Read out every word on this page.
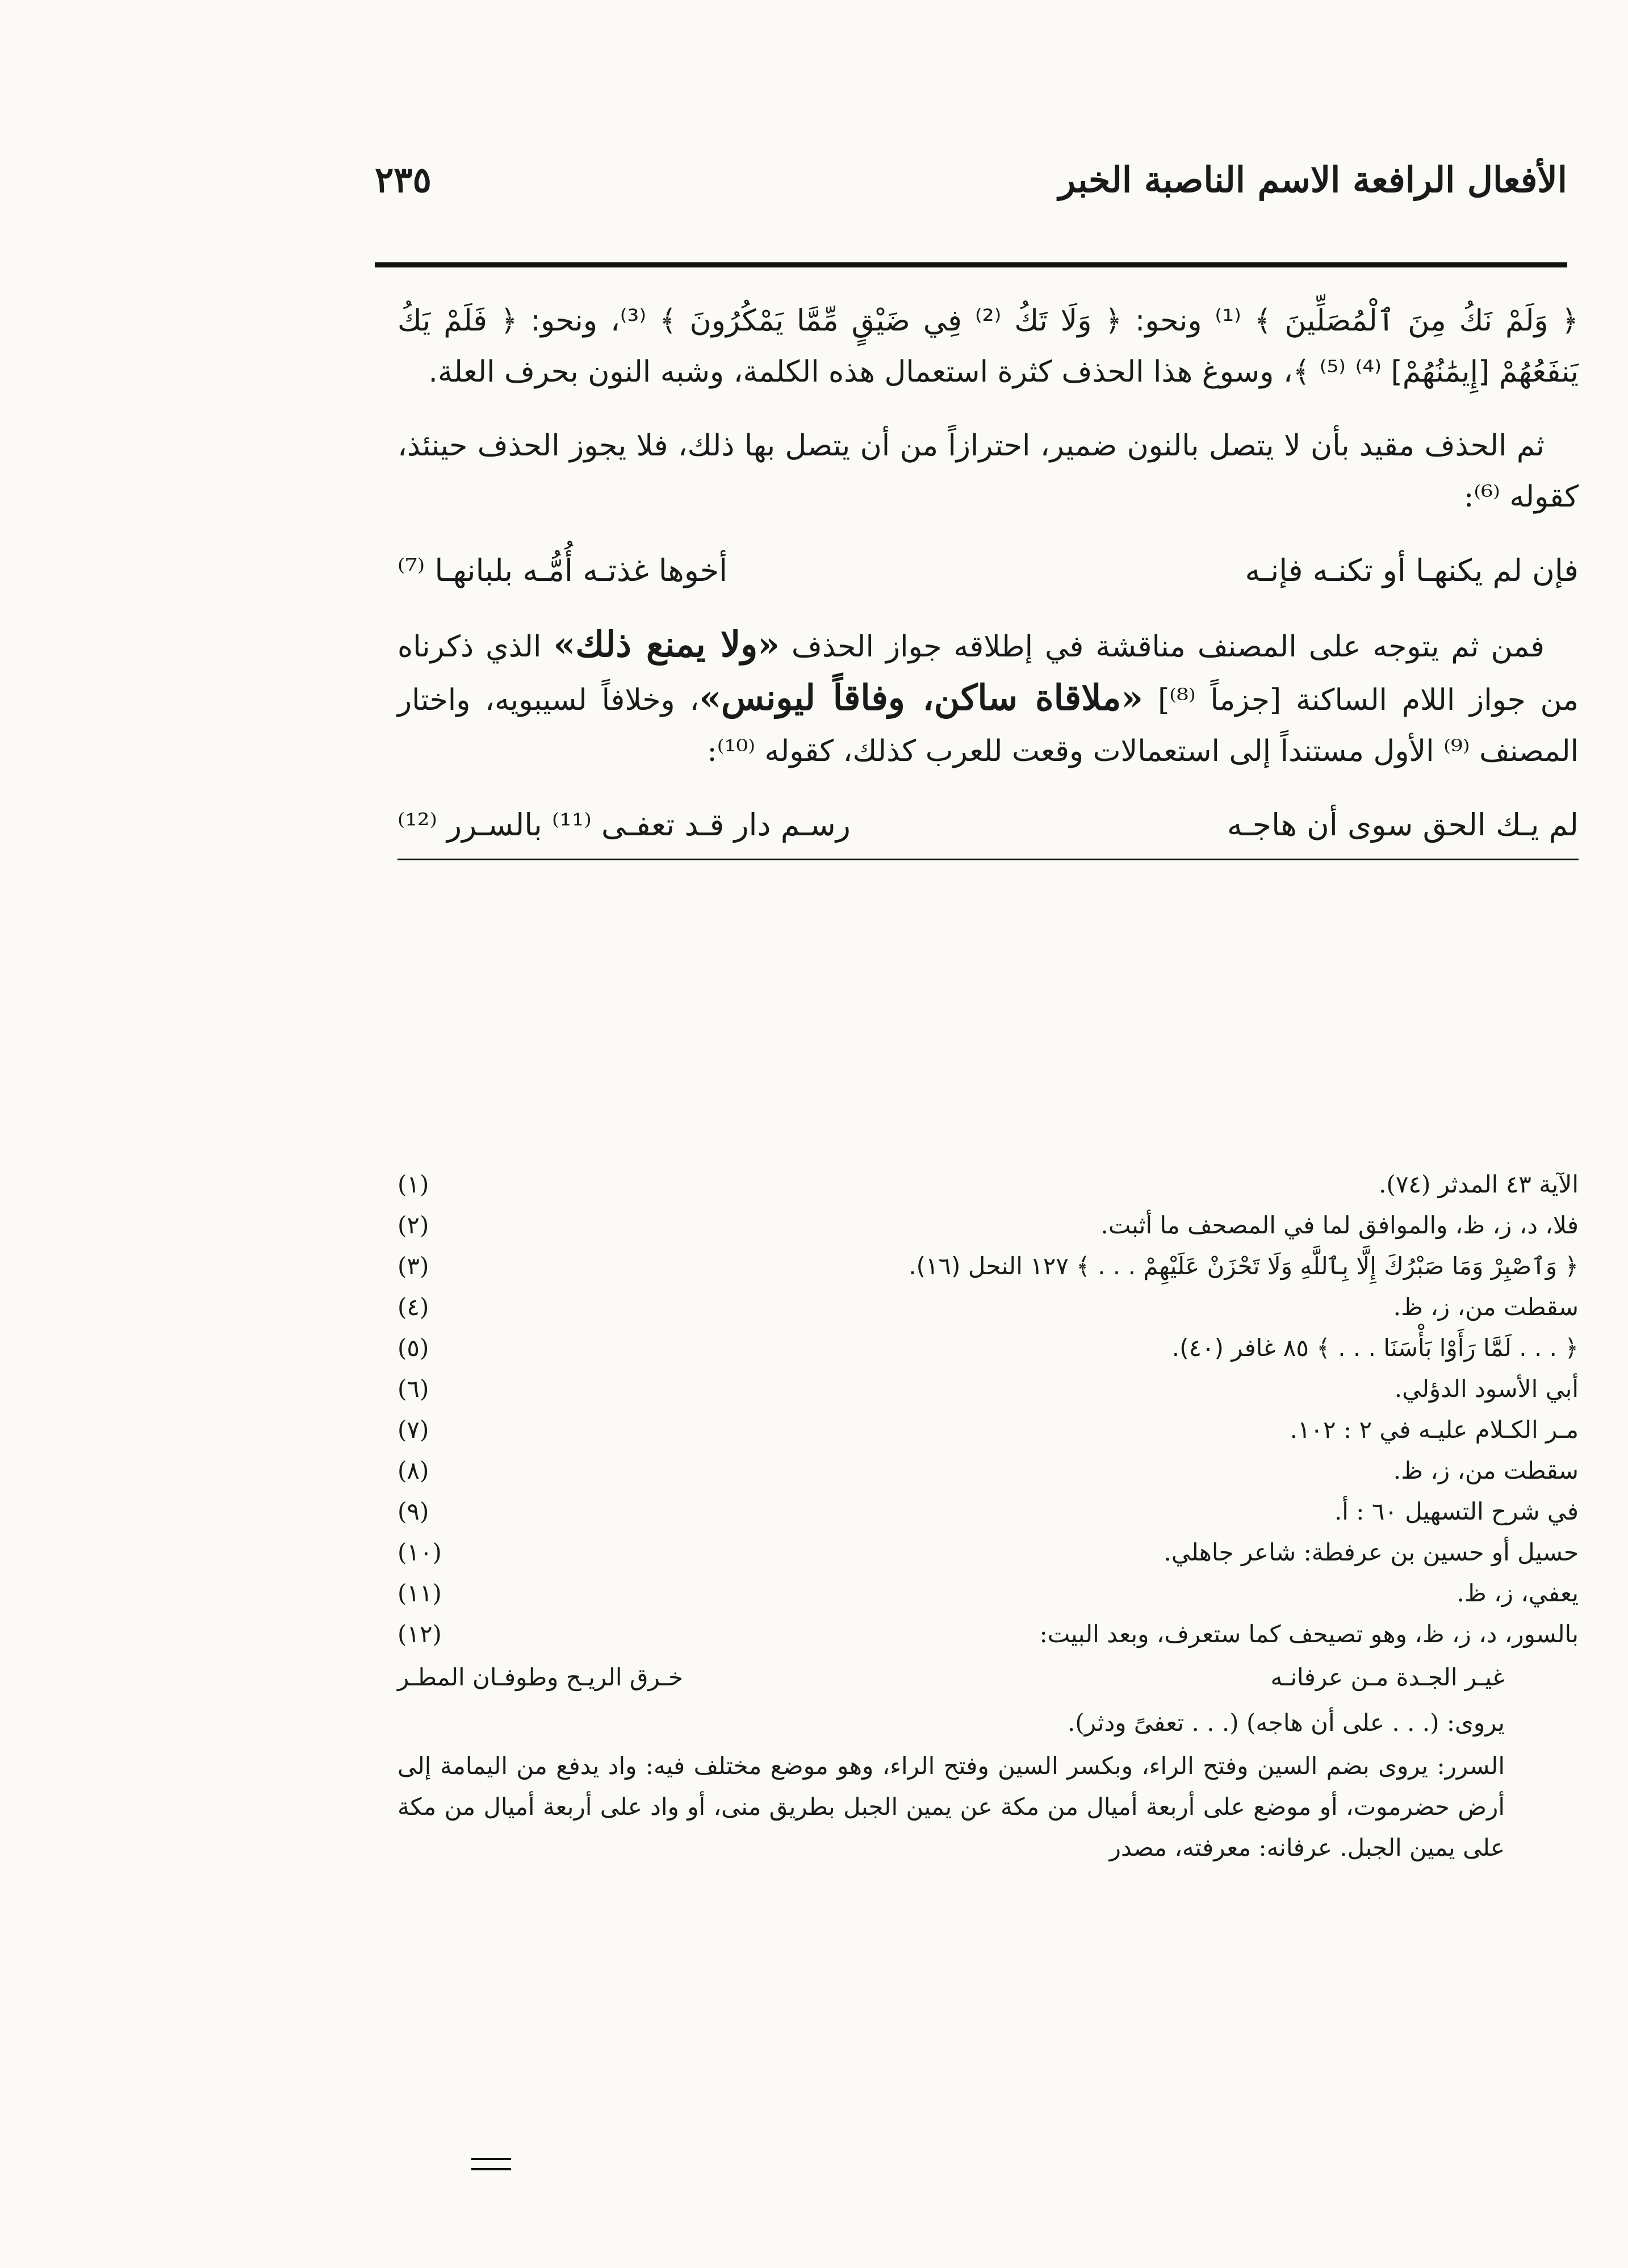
الأفعال الرافعة الاسم الناصبة الخبر
٢٣٥

﴿ وَلَمْ نَكُ مِنَ ٱلْمُصَلِّينَ ﴾ ⁽¹⁾ ونحو: ﴿ وَلَا تَكُ ⁽²⁾ فِي ضَيْقٍ مِّمَّا يَمْكُرُونَ ﴾ ⁽³⁾، ونحو: ﴿ فَلَمْ يَكُ يَنفَعُهُمْ [إِيمَٰنُهُمْ] ⁽⁴⁾ ⁽⁵⁾ ﴾، وسوغ هذا الحذف كثرة استعمال هذه الكلمة، وشبه النون بحرف العلة.

ثم الحذف مقيد بأن لا يتصل بالنون ضمير، احترازاً من أن يتصل بها ذلك، فلا يجوز الحذف حينئذ، كقوله ⁽⁶⁾:

فإن لم يكنهـا أو تكنـه فإنـه
أخوها غذتـه أُمُّـه بلبانهـا ⁽⁷⁾

فمن ثم يتوجه على المصنف مناقشة في إطلاقه جواز الحذف «ولا يمنع ذلك» الذي ذكرناه من جواز اللام الساكنة [جزماً ⁽⁸⁾] «ملاقاة ساكن، وفاقاً ليونس»، وخلافاً لسيبويه، واختار المصنف ⁽⁹⁾ الأول مستنداً إلى استعمالات وقعت للعرب كذلك، كقوله ⁽¹⁰⁾:

لم يـك الحق سوى أن هاجـه
رسـم دار قـد تعفـى ⁽¹¹⁾ بالسـرر ⁽¹²⁾
الآية ٤٣ المدثر (٧٤).
(١)
فلا، د، ز، ظ، والموافق لما في المصحف ما أثبت.
(٢)
﴿ وَٱصْبِرْ وَمَا صَبْرُكَ إِلَّا بِٱللَّهِ وَلَا تَحْزَنْ عَلَيْهِمْ . . . ﴾ ١٢٧ النحل (١٦).
(٣)
سقطت من، ز، ظ.
(٤)
﴿ . . . لَمَّا رَأَوْا بَأْسَنَا . . . ﴾ ٨٥ غافر (٤٠).
(٥)
أبي الأسود الدؤلي.
(٦)
مـر الكـلام عليـه في ٢ : ١٠٢.
(٧)
سقطت من، ز، ظ.
(٨)
في شرح التسهيل ٦٠ : أ.
(٩)
حسيل أو حسين بن عرفطة: شاعر جاهلي.
(١٠)
يعفي، ز، ظ.
(١١)
بالسور، د، ز، ظ، وهو تصيحف كما ستعرف، وبعد البيت:
(١٢)
غيـر الجـدة مـن عرفانـه
خـرق الريـح وطوفـان المطـر
يروى: (. . . على أن هاجه) (. . . تعفىً ودثر).
السرر: يروى بضم السين وفتح الراء، وبكسر السين وفتح الراء، وهو موضع مختلف فيه: واد يدفع من اليمامة إلى أرض حضرموت، أو موضع على أربعة أميال من مكة عن يمين الجبل بطريق منى، أو واد على أربعة أميال من مكة على يمين الجبل. عرفانه: معرفته، مصدر
